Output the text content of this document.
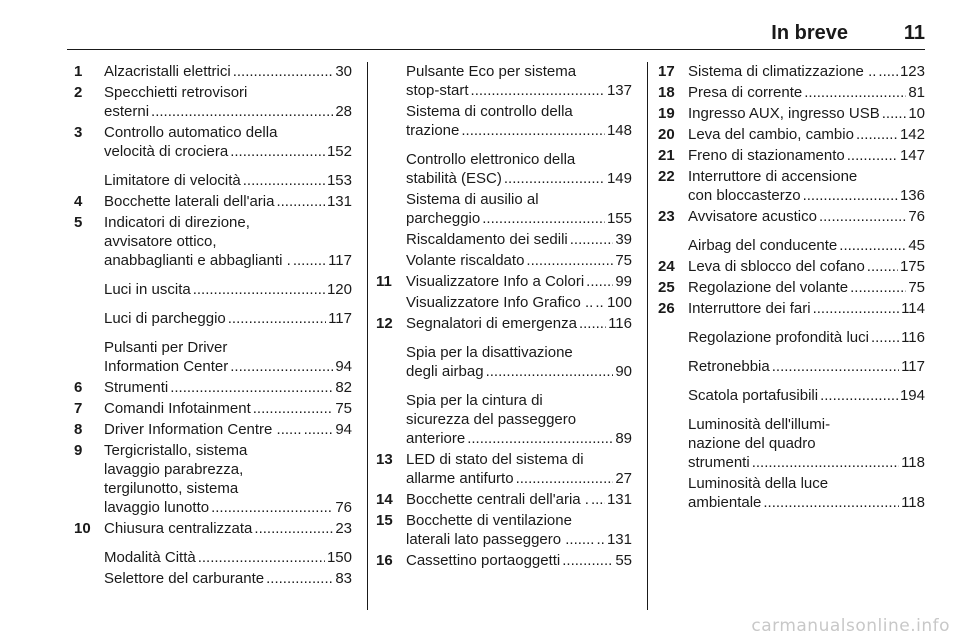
In breve	11
1	Alzacristalli elettrici .....	30
2	Specchietti retrovisori
esterni .....	28
3	Controllo automatico della
velocità di crociera .....	152
Limitatore di velocità .....	153
4	Bocchette laterali dell'aria .....	131
5	Indicatori di direzione,
avvisatore ottico,
anabbaglianti e abbaglianti . ..... 117
Luci in uscita .....	120
Luci di parcheggio .....	117
Pulsanti per Driver
Information Center .....	94
6	Strumenti .....	82
7	Comandi Infotainment .....	75
8	Driver Information Centre ...... ..... 94
9	Tergicristallo, sistema
lavaggio parabrezza,
tergilunotto, sistema
lavaggio lunotto .....	76
10 Chiusura centralizzata .....	23
Modalità Città .....	150
Selettore del carburante .....	83
Pulsante Eco per sistema
stop-start .....	137
Sistema di controllo della
trazione .....	148
Controllo elettronico della
stabilità (ESC) .....	149
Sistema di ausilio al
parcheggio .....	155
Riscaldamento dei sedili .....	39
Volante riscaldato .....	75
11 Visualizzatore Info a Colori ..... 99
Visualizzatore Info Grafico .. ..... 100
12 Segnalatori di emergenza ..... 116
Spia per la disattivazione
degli airbag .....	90
Spia per la cintura di
sicurezza del passeggero
anteriore .....	89
13 LED di stato del sistema di
allarme antifurto .....	27
14 Bocchette centrali dell'aria . ..... 131
15 Bocchette di ventilazione
laterali lato passeggero ....... ..... 131
16 Cassettino portaoggetti .....	55
17 Sistema di climatizzazione .. ..... 123
18 Presa di corrente .....	81
19 Ingresso AUX, ingresso USB ..... 10
20 Leva del cambio, cambio .....	142
21 Freno di stazionamento .....	147
22 Interruttore di accensione
con bloccasterzo .....	136
23 Avvisatore acustico .....	76
Airbag del conducente .....	45
24 Leva di sblocco del cofano ..... 175
25 Regolazione del volante .....	75
26 Interruttore dei fari .....	114
Regolazione profondità luci ..... 116
Retronebbia .....	117
Scatola portafusibili .....	194
Luminosità dell'illumi-
nazione del quadro
strumenti .....	118
Luminosità della luce
ambientale .....	118
carmanualsonline.info
